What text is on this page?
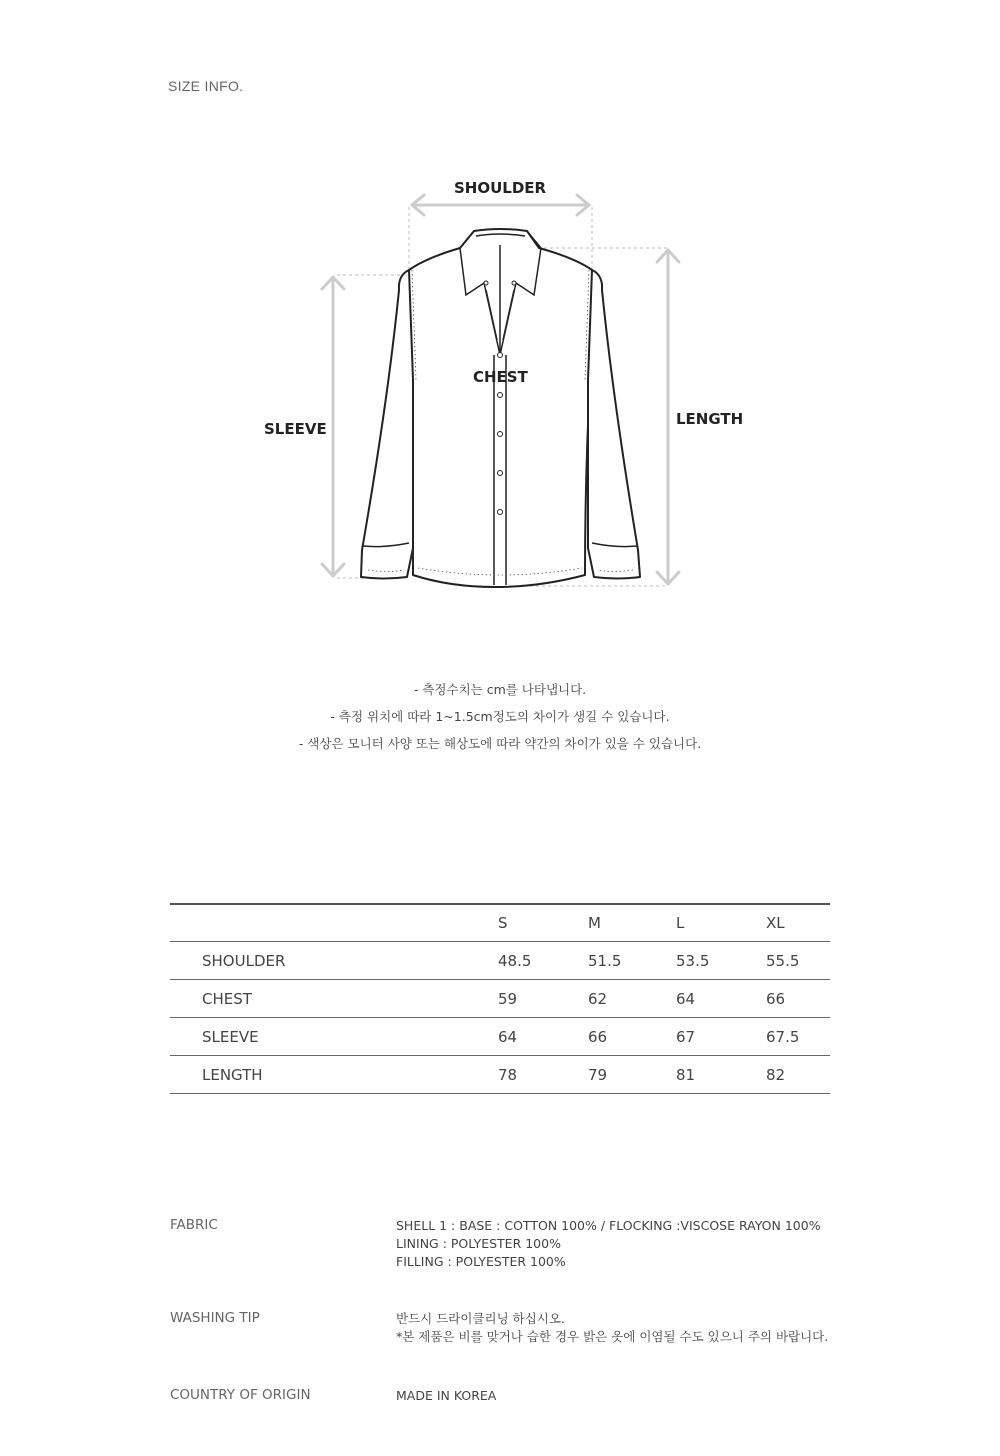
SIZE INFO.
SHOULDER
CHEST
SLEEVE
LENGTH
- 측정수치는 cm를 나타냅니다.
- 측정 위치에 따라 1~1.5cm정도의 차이가 생길 수 있습니다.
- 색상은 모니터 사양 또는 해상도에 따라 약간의 차이가 있을 수 있습니다.
	S	M	L	XL
SHOULDER	48.5	51.5	53.5	55.5
CHEST	59	62	64	66
SLEEVE	64	66	67	67.5
LENGTH	78	79	81	82
FABRIC	SHELL 1 : BASE : COTTON 100% / FLOCKING :VISCOSE RAYON 100%
LINING : POLYESTER 100%
FILLING : POLYESTER 100%
WASHING TIP	반드시 드라이클리닝 하십시오.
*본 제품은 비를 맞거나 습한 경우 밝은 옷에 이염될 수도 있으니 주의 바랍니다.
COUNTRY OF ORIGIN	MADE IN KOREA
